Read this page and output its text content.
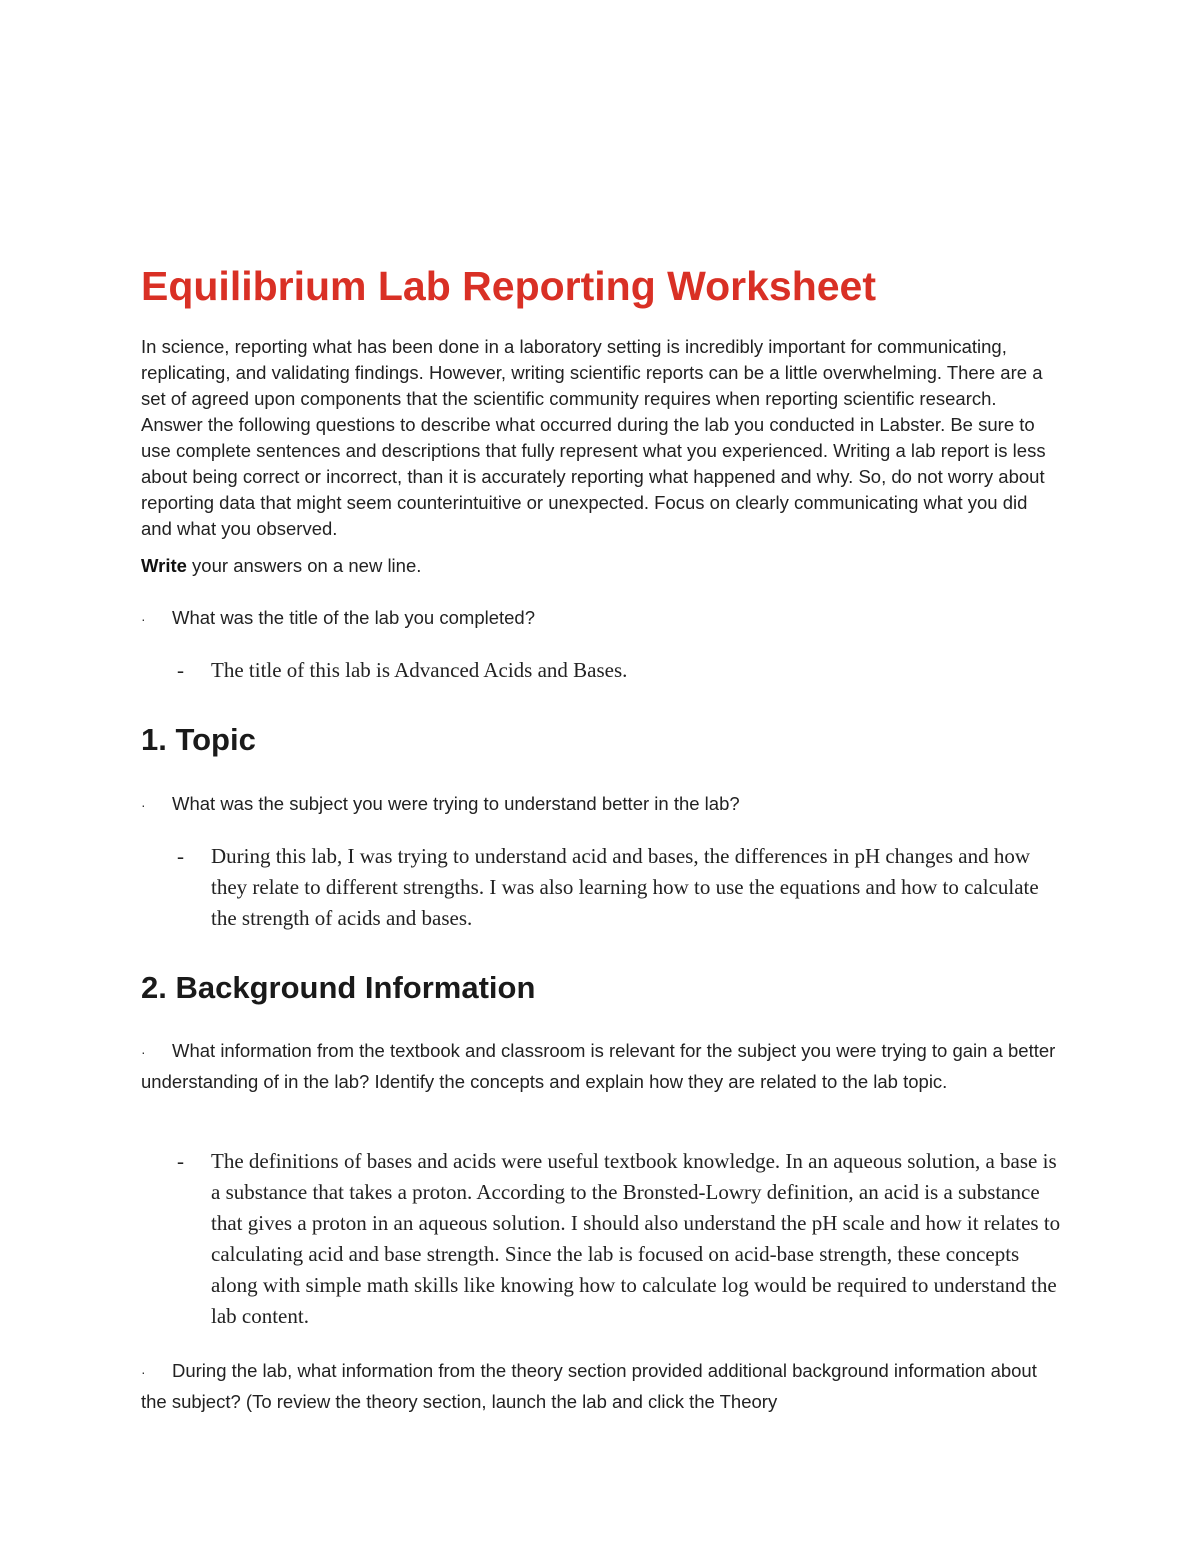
Equilibrium Lab Reporting Worksheet

In science, reporting what has been done in a laboratory setting is incredibly important for communicating, replicating, and validating findings. However, writing scientific reports can be a little overwhelming. There are a set of agreed upon components that the scientific community requires when reporting scientific research. Answer the following questions to describe what occurred during the lab you conducted in Labster. Be sure to use complete sentences and descriptions that fully represent what you experienced. Writing a lab report is less about being correct or incorrect, than it is accurately reporting what happened and why. So, do not worry about reporting data that might seem counterintuitive or unexpected. Focus on clearly communicating what you did and what you observed.

Write your answers on a new line.

· What was the title of the lab you completed?

-	The title of this lab is Advanced Acids and Bases.
1. Topic

· What was the subject you were trying to understand better in the lab?

-	During this lab, I was trying to understand acid and bases, the differences in pH changes and how they relate to different strengths. I was also learning how to use the equations and how to calculate the strength of acids and bases.
2. Background Information

· What information from the textbook and classroom is relevant for the subject you were trying to gain a better understanding of in the lab? Identify the concepts and explain how they are related to the lab topic.

-	The definitions of bases and acids were useful textbook knowledge. In an aqueous solution, a base is a substance that takes a proton. According to the Bronsted-Lowry definition, an acid is a substance that gives a proton in an aqueous solution. I should also understand the pH scale and how it relates to calculating acid and base strength. Since the lab is focused on acid-base strength, these concepts along with simple math skills like knowing how to calculate log would be required to understand the lab content.

· During the lab, what information from the theory section provided additional background information about the subject? (To review the theory section, launch the lab and click the Theory
